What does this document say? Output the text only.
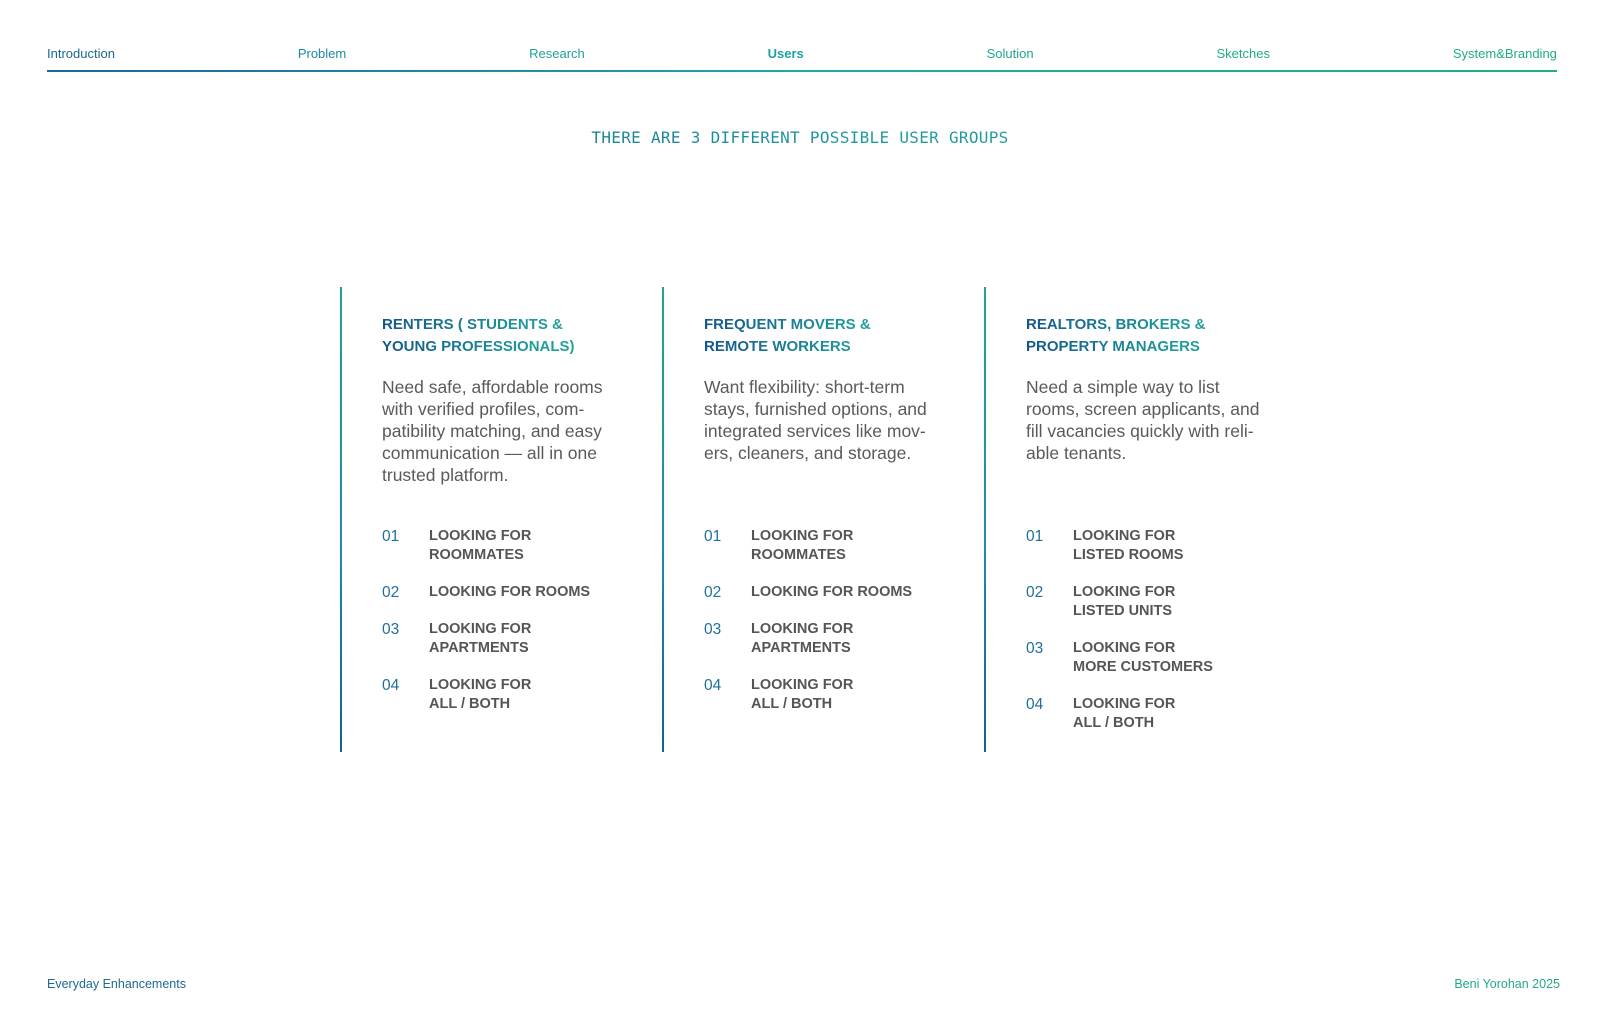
Introduction	Problem	Research	Users	Solution	Sketches	System&Branding
THERE ARE 3 DIFFERENT POSSIBLE USER GROUPS
RENTERS ( STUDENTS &
YOUNG PROFESSIONALS)

Need safe, affordable rooms
with verified profiles, com-
patibility matching, and easy
communication — all in one
trusted platform.

01	LOOKING FOR
ROOMMATES
02	LOOKING FOR ROOMS
03	LOOKING FOR
APARTMENTS
04	LOOKING FOR
ALL / BOTH
FREQUENT MOVERS &
REMOTE WORKERS

Want flexibility: short-term
stays, furnished options, and
integrated services like mov-
ers, cleaners, and storage.

01	LOOKING FOR
ROOMMATES
02	LOOKING FOR ROOMS
03	LOOKING FOR
APARTMENTS
04	LOOKING FOR
ALL / BOTH
REALTORS, BROKERS &
PROPERTY MANAGERS

Need a simple way to list
rooms, screen applicants, and
fill vacancies quickly with reli-
able tenants.

01	LOOKING FOR
LISTED ROOMS
02	LOOKING FOR
LISTED UNITS
03	LOOKING FOR
MORE CUSTOMERS
04	LOOKING FOR
ALL / BOTH
Everyday Enhancements	Beni Yorohan 2025
